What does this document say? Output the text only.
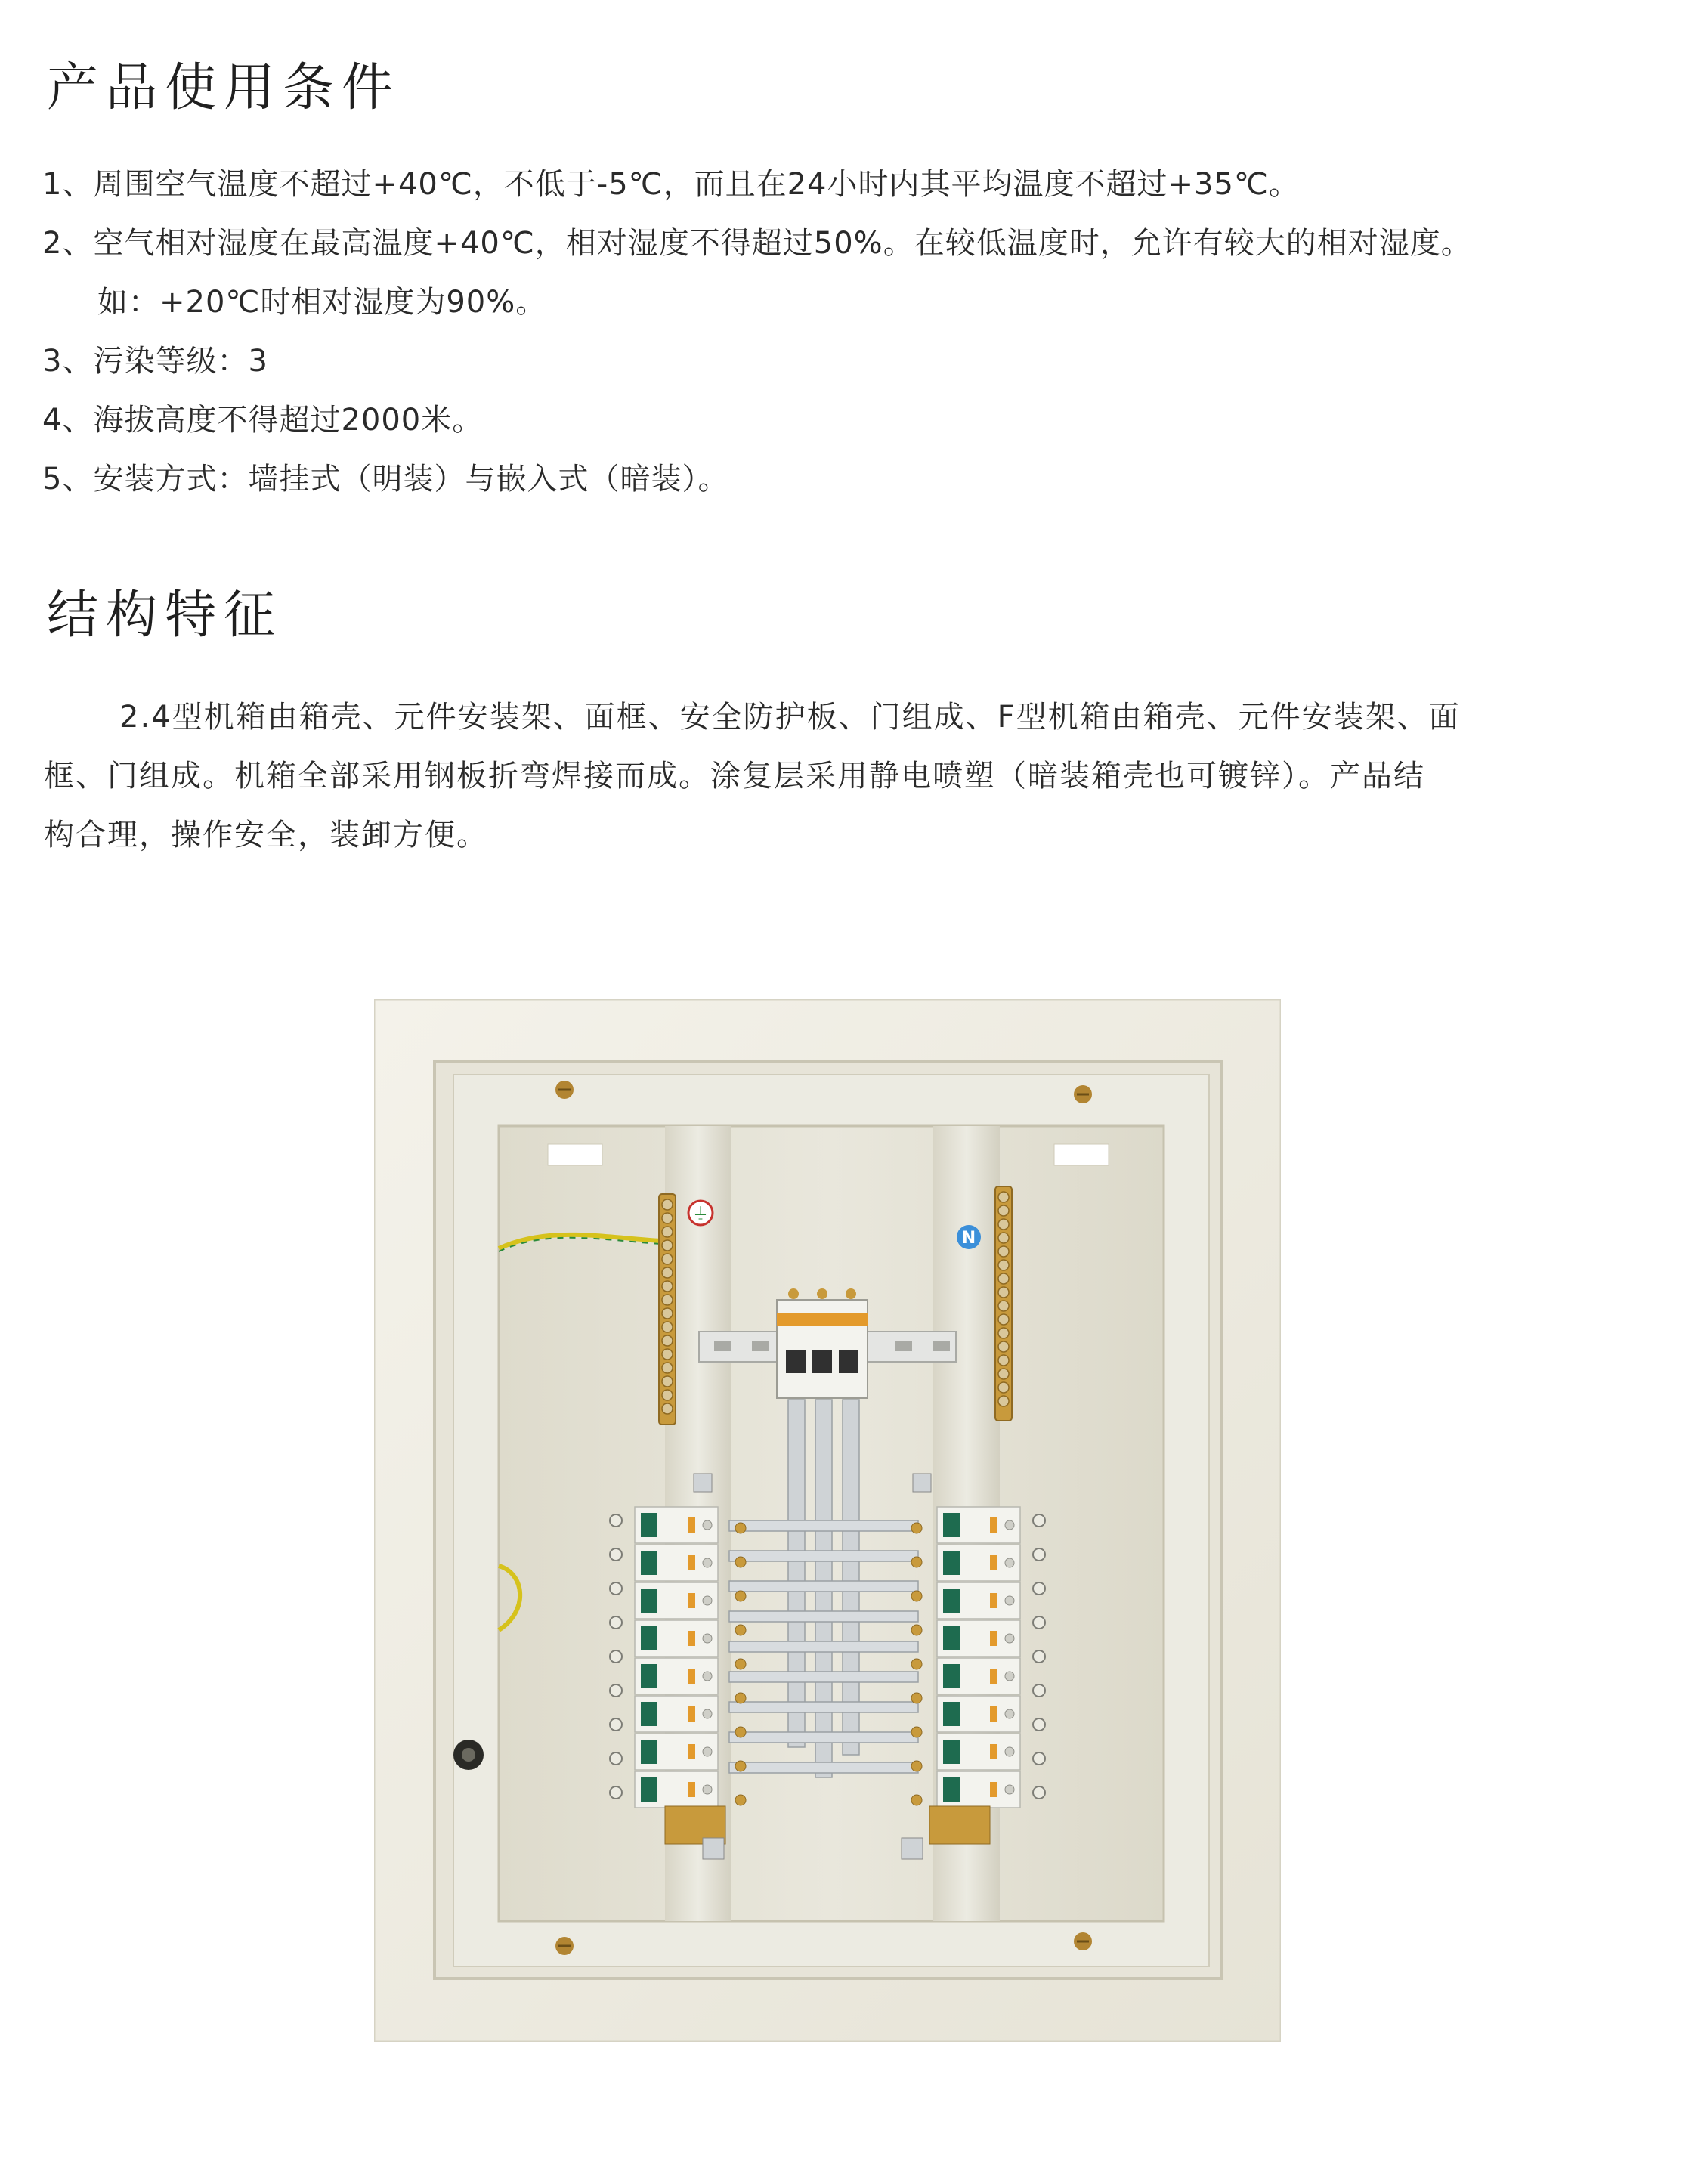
产品使用条件
1、周围空气温度不超过+40℃，不低于-5℃，而且在24小时内其平均温度不超过+35℃。
2、空气相对湿度在最高温度+40℃，相对湿度不得超过50%。在较低温度时，允许有较大的相对湿度。
如：+20℃时相对湿度为90%。
3、污染等级：3
4、海拔高度不得超过2000米。
5、安装方式：墙挂式（明装）与嵌入式（暗装）。
结构特征

2.4型机箱由箱壳、元件安装架、面框、安全防护板、门组成、F型机箱由箱壳、元件安装架、面
框、门组成。机箱全部采用钢板折弯焊接而成。涂复层采用静电喷塑（暗装箱壳也可镀锌）。产品结
构合理，操作安全，装卸方便。

⏚
N
